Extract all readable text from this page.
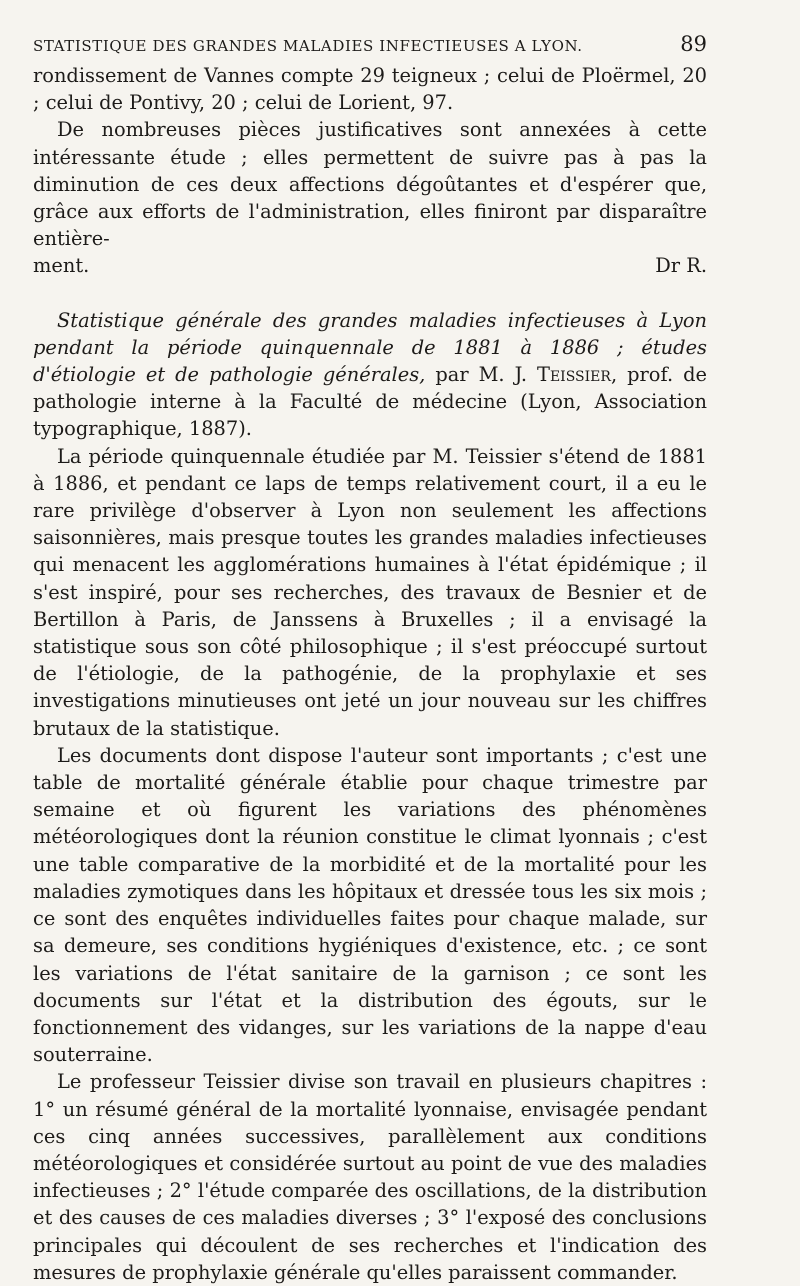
STATISTIQUE DES GRANDES MALADIES INFECTIEUSES A LYON.	89

rondissement de Vannes compte 29 teigneux ; celui de Ploërmel, 20 ; celui de Pontivy, 20 ; celui de Lorient, 97.

De nombreuses pièces justificatives sont annexées à cette intéressante étude ; elles permettent de suivre pas à pas la diminution de ces deux affections dégoûtantes et d'espérer que, grâce aux efforts de l'administration, elles finiront par disparaître entière-

ment.	Dr R.

Statistique générale des grandes maladies infectieuses à Lyon pendant la période quinquennale de 1881 à 1886 ; études d'étiologie et de pathologie générales, par M. J. Teissier, prof. de pathologie interne à la Faculté de médecine (Lyon, Association typographique, 1887).

La période quinquennale étudiée par M. Teissier s'étend de 1881 à 1886, et pendant ce laps de temps relativement court, il a eu le rare privilège d'observer à Lyon non seulement les affections saisonnières, mais presque toutes les grandes maladies infectieuses qui menacent les agglomérations humaines à l'état épidémique ; il s'est inspiré, pour ses recherches, des travaux de Besnier et de Bertillon à Paris, de Janssens à Bruxelles ; il a envisagé la statistique sous son côté philosophique ; il s'est préoccupé surtout de l'étiologie, de la pathogénie, de la prophylaxie et ses investigations minutieuses ont jeté un jour nouveau sur les chiffres brutaux de la statistique.

Les documents dont dispose l'auteur sont importants ; c'est une table de mortalité générale établie pour chaque trimestre par semaine et où figurent les variations des phénomènes météorologiques dont la réunion constitue le climat lyonnais ; c'est une table comparative de la morbidité et de la mortalité pour les maladies zymotiques dans les hôpitaux et dressée tous les six mois ; ce sont des enquêtes individuelles faites pour chaque malade, sur sa demeure, ses conditions hygiéniques d'existence, etc. ; ce sont les variations de l'état sanitaire de la garnison ; ce sont les documents sur l'état et la distribution des égouts, sur le fonctionnement des vidanges, sur les variations de la nappe d'eau souterraine.

Le professeur Teissier divise son travail en plusieurs chapitres : 1° un résumé général de la mortalité lyonnaise, envisagée pendant ces cinq années successives, parallèlement aux conditions météorologiques et considérée surtout au point de vue des maladies infectieuses ; 2° l'étude comparée des oscillations, de la distribution et des causes de ces maladies diverses ; 3° l'exposé des conclusions principales qui découlent de ses recherches et l'indication des mesures de prophylaxie générale qu'elles paraissent commander.
